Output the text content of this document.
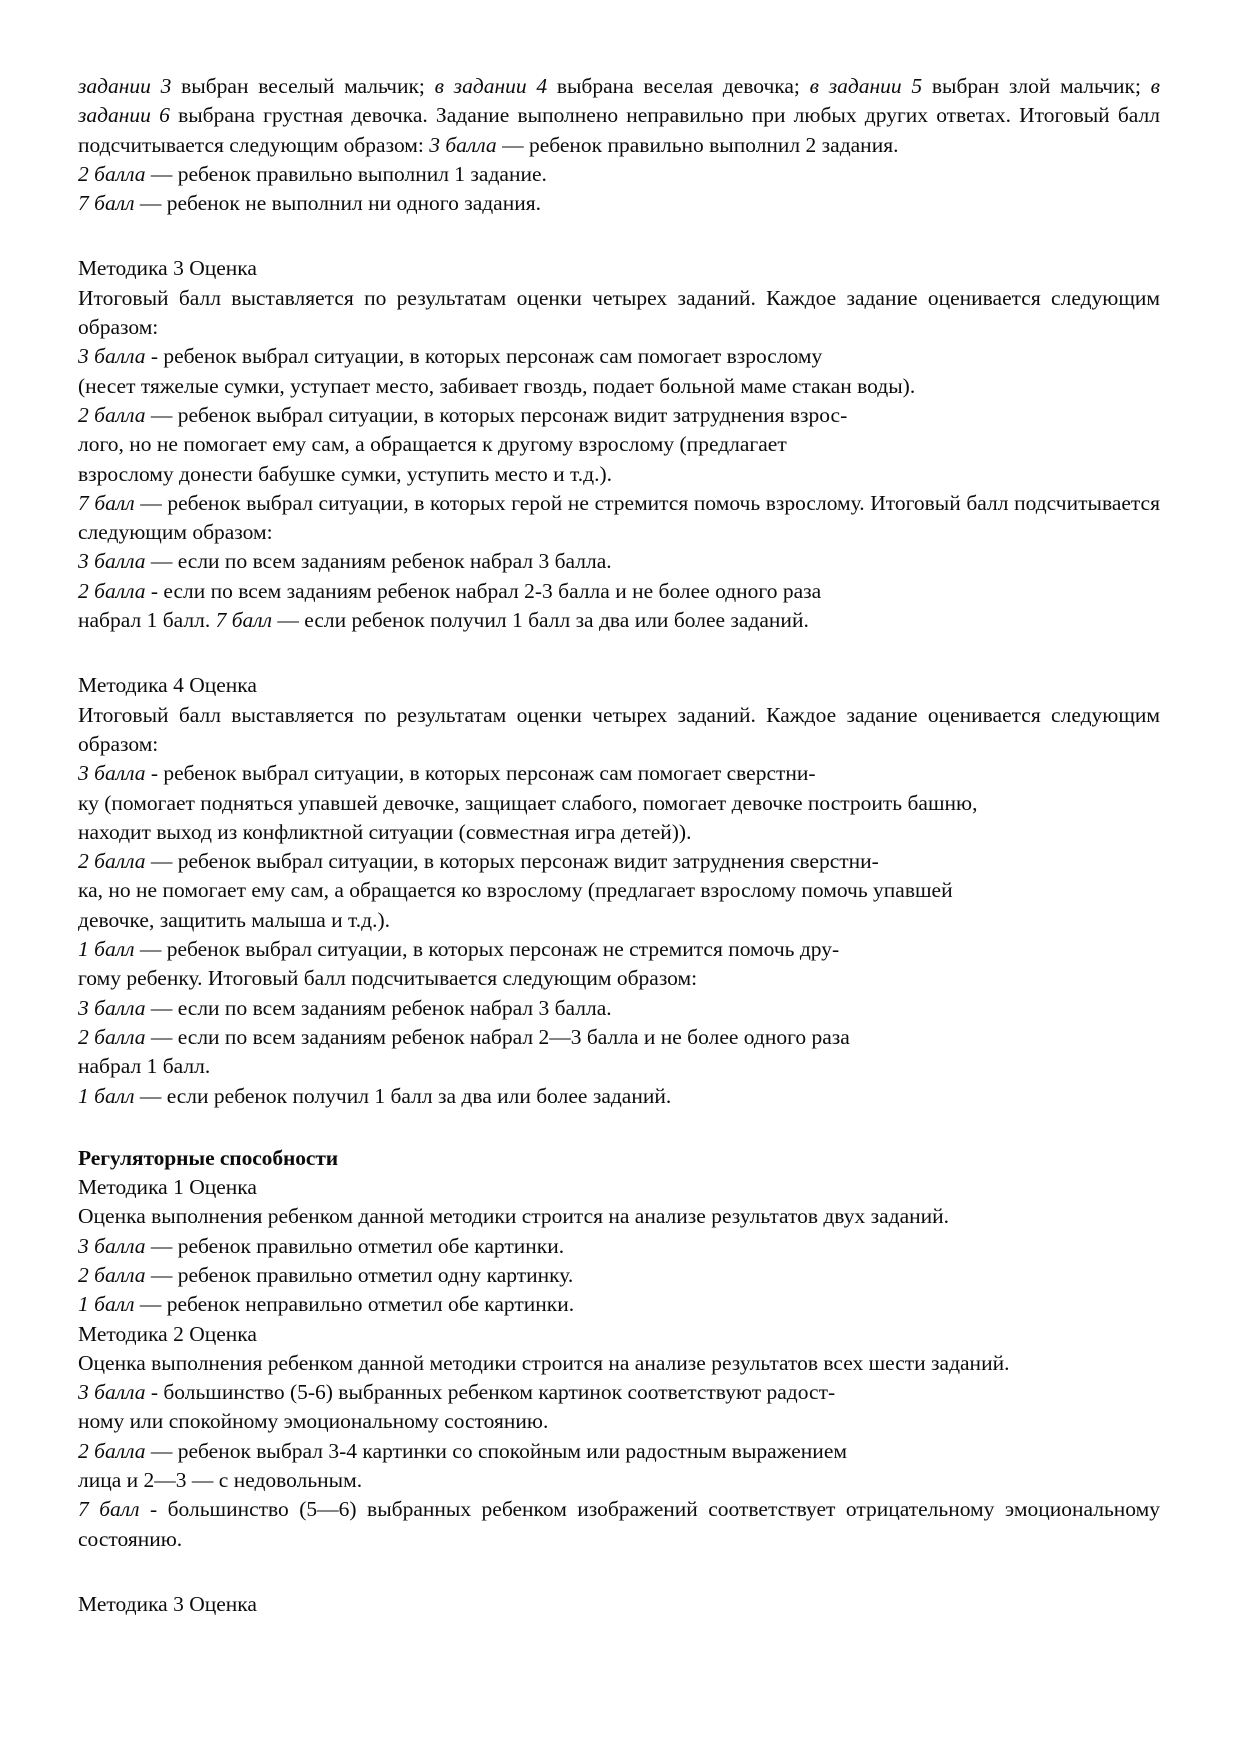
задании 3 выбран веселый мальчик; в задании 4 выбрана веселая девочка; в задании 5 выбран злой мальчик; в задании 6 выбрана грустная девочка. Задание выполнено неправильно при любых других ответах. Итоговый балл подсчитывается следующим образом: 3 балла — ребенок правильно выполнил 2 задания.

2 балла — ребенок правильно выполнил 1 задание.

7 балл — ребенок не выполнил ни одного задания.

Методика 3 Оценка

Итоговый балл выставляется по результатам оценки четырех заданий. Каждое задание оценивается следующим образом:

3 балла - ребенок выбрал ситуации, в которых персонаж сам помогает взрослому

(несет тяжелые сумки, уступает место, забивает гвоздь, подает больной маме стакан воды).

2 балла — ребенок выбрал ситуации, в которых персонаж видит затруднения взрос-

лого, но не помогает ему сам, а обращается к другому взрослому (предлагает

взрослому донести бабушке сумки, уступить место и т.д.).

7 балл — ребенок выбрал ситуации, в которых герой не стремится помочь взрослому. Итоговый балл подсчитывается следующим образом:

3 балла — если по всем заданиям ребенок набрал 3 балла.

2 балла - если по всем заданиям ребенок набрал 2-3 балла и не более одного раза

набрал 1 балл. 7 балл — если ребенок получил 1 балл за два или более заданий.

Методика 4 Оценка

Итоговый балл выставляется по результатам оценки четырех заданий. Каждое задание оценивается следующим образом:

3 балла - ребенок выбрал ситуации, в которых персонаж сам помогает сверстни-

ку (помогает подняться упавшей девочке, защищает слабого, помогает девочке построить башню,

находит выход из конфликтной ситуации (совместная игра детей)).

2 балла — ребенок выбрал ситуации, в которых персонаж видит затруднения сверстни-

ка, но не помогает ему сам, а обращается ко взрослому (предлагает взрослому помочь упавшей

девочке, защитить малыша и т.д.).

1 балл — ребенок выбрал ситуации, в которых персонаж не стремится помочь дру-

гому ребенку. Итоговый балл подсчитывается следующим образом:

3 балла — если по всем заданиям ребенок набрал 3 балла.

2 балла — если по всем заданиям ребенок набрал 2—3 балла и не более одного раза

набрал 1 балл.

1 балл — если ребенок получил 1 балл за два или более заданий.

Регуляторные способности

Методика 1 Оценка

Оценка выполнения ребенком данной методики строится на анализе результатов двух заданий.

3 балла — ребенок правильно отметил обе картинки.

2 балла — ребенок правильно отметил одну картинку.

1 балл — ребенок неправильно отметил обе картинки.

Методика 2 Оценка

Оценка выполнения ребенком данной методики строится на анализе результатов всех шести заданий.

3 балла - большинство (5-6) выбранных ребенком картинок соответствуют радост-

ному или спокойному эмоциональному состоянию.

2 балла — ребенок выбрал 3-4 картинки со спокойным или радостным выражением

лица и 2—3 — с недовольным.

7 балл - большинство (5—6) выбранных ребенком изображений соответствует отрицательному эмоциональному состоянию.

Методика 3 Оценка
